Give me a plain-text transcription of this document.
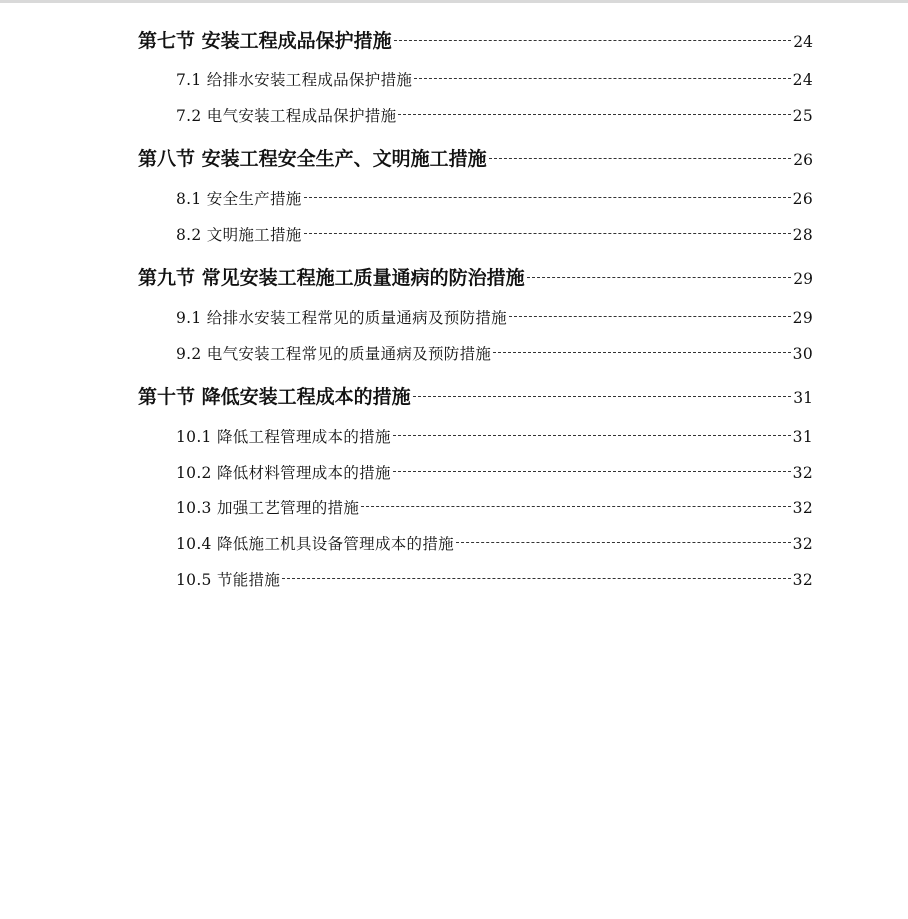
第七节 安装工程成品保护措施	24
7.1 给排水安装工程成品保护措施	24
7.2 电气安装工程成品保护措施	25
第八节 安装工程安全生产、文明施工措施	26
8.1 安全生产措施	26
8.2 文明施工措施	28
第九节 常见安装工程施工质量通病的防治措施	29
9.1 给排水安装工程常见的质量通病及预防措施	29
9.2 电气安装工程常见的质量通病及预防措施	30
第十节 降低安装工程成本的措施	31
10.1 降低工程管理成本的措施	31
10.2 降低材料管理成本的措施	32
10.3 加强工艺管理的措施	32
10.4 降低施工机具设备管理成本的措施	32
10.5 节能措施	32
